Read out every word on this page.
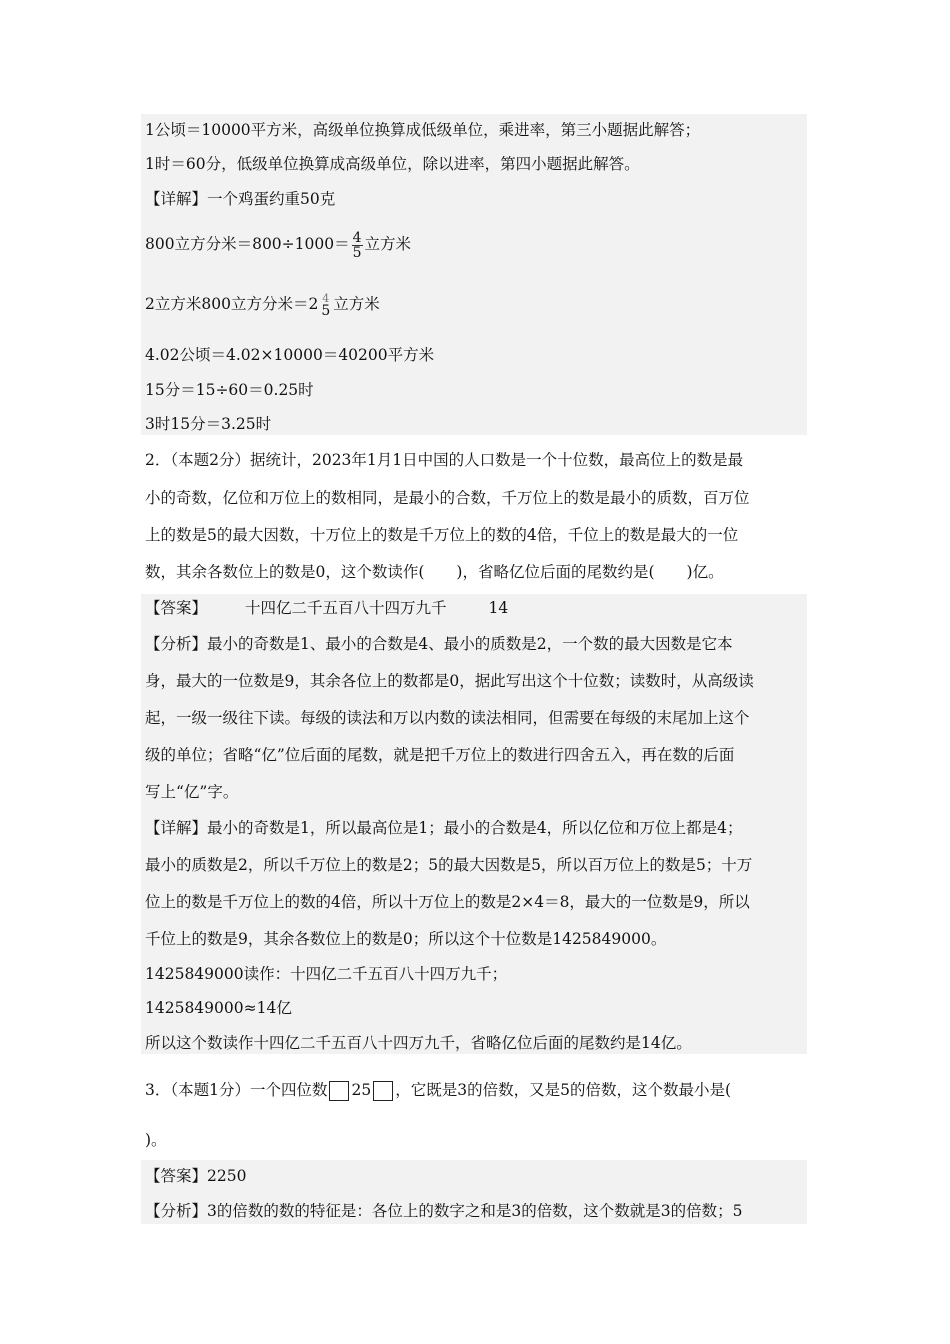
1公顷＝10000平方米，高级单位换算成低级单位，乘进率，第三小题据此解答；
1时＝60分，低级单位换算成高级单位，除以进率，第四小题据此解答。
【详解】一个鸡蛋约重50克
800立方分米$=800\div 1000= \frac{4}{5}$ 立方米
2立方米800立方分米＝2 4
5 立方米
4.02公顷＝4.02×10000＝40200平方米
15分＝15÷60＝0.25时
3时15分＝3.25时
2．（本题2分）据统计，2023年1月1日中国的人口数是一个十位数，最高位上的数是最
小的奇数，亿位和万位上的数相同，是最小的合数，千万位上的数是最小的质数，百万位
上的数是5的最大因数，十万位上的数是千万位上的数的4倍，千位上的数是最大的一位
数，其余各数位上的数是0，这个数读作( )，省略亿位后面的尾数约是( )亿。
【答案】 十四亿二千五百八十四万九千	14
【分析】最小的奇数是1、最小的合数是4、最小的质数是2，一个数的最大因数是它本
身，最大的一位数是9，其余各位上的数都是0，据此写出这个十位数；读数时，从高级读
起，一级一级往下读。每级的读法和万以内数的读法相同，但需要在每级的末尾加上这个
级的单位；省略“亿”位后面的尾数，就是把千万位上的数进行四舍五入，再在数的后面
写上“亿”字。
【详解】最小的奇数是1，所以最高位是1；最小的合数是4，所以亿位和万位上都是4；
最小的质数是2，所以千万位上的数是2；5的最大因数是5，所以百万位上的数是5；十万
位上的数是千万位上的数的4倍，所以十万位上的数是2×4＝8，最大的一位数是9，所以
千位上的数是9，其余各数位上的数是0；所以这个十位数是1425849000。
1425849000读作：十四亿二千五百八十四万九千；
1425849000≈14亿
所以这个数读作十四亿二千五百八十四万九千，省略亿位后面的尾数约是14亿。
3．（本题1分）一个四位数 25 ，它既是3的倍数，又是5的倍数，这个数最小是(
)。
【答案】2250
【分析】3的倍数的数的特征是：各位上的数字之和是3的倍数，这个数就是3的倍数；5
